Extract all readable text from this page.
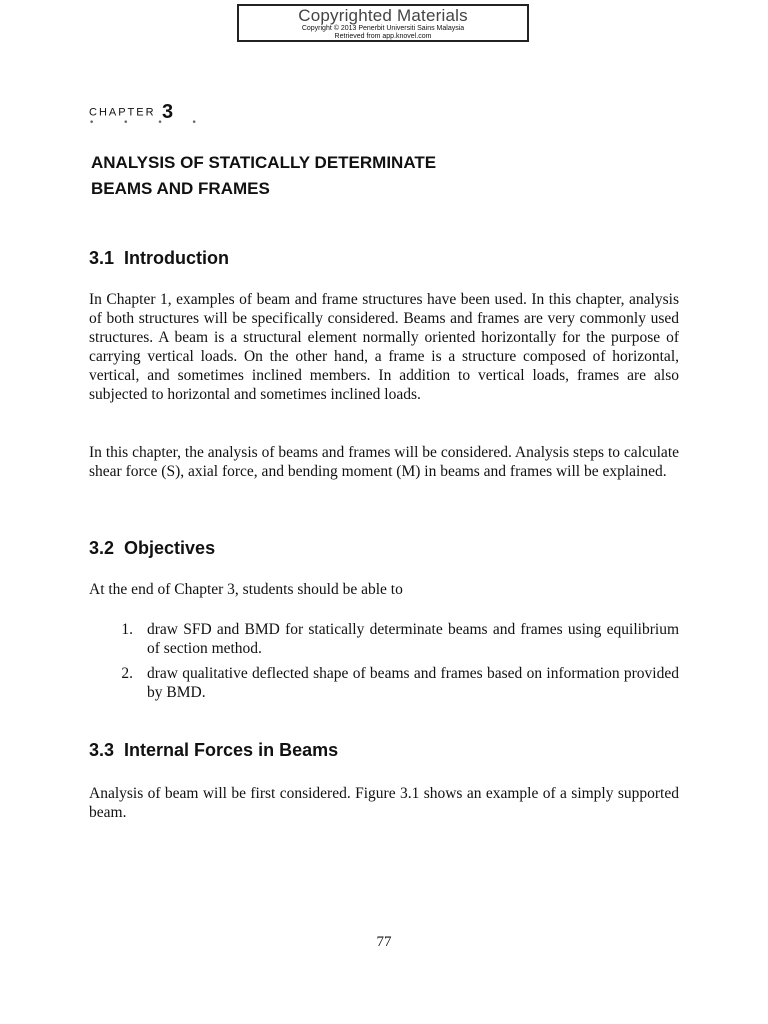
Copyrighted Materials
Copyright © 2013 Penerbit Universiti Sains Malaysia
Retrieved from app.knovel.com
CHAPTER 3
• • • •
ANALYSIS OF STATICALLY DETERMINATE
BEAMS AND FRAMES
3.1 Introduction

In Chapter 1, examples of beam and frame structures have been used. In this chapter, analysis of both structures will be specifically considered. Beams and frames are very commonly used structures. A beam is a structural element normally oriented horizontally for the purpose of carrying vertical loads. On the other hand, a frame is a structure composed of horizontal, vertical, and sometimes inclined members. In addition to vertical loads, frames are also subjected to horizontal and sometimes inclined loads.

In this chapter, the analysis of beams and frames will be considered. Analysis steps to calculate shear force (S), axial force, and bending moment (M) in beams and frames will be explained.

3.2 Objectives

At the end of Chapter 3, students should be able to

1. draw SFD and BMD for statically determinate beams and frames using equilibrium of section method.
2. draw qualitative deflected shape of beams and frames based on information provided by BMD.
3.3 Internal Forces in Beams

Analysis of beam will be first considered. Figure 3.1 shows an example of a simply supported beam.

77
